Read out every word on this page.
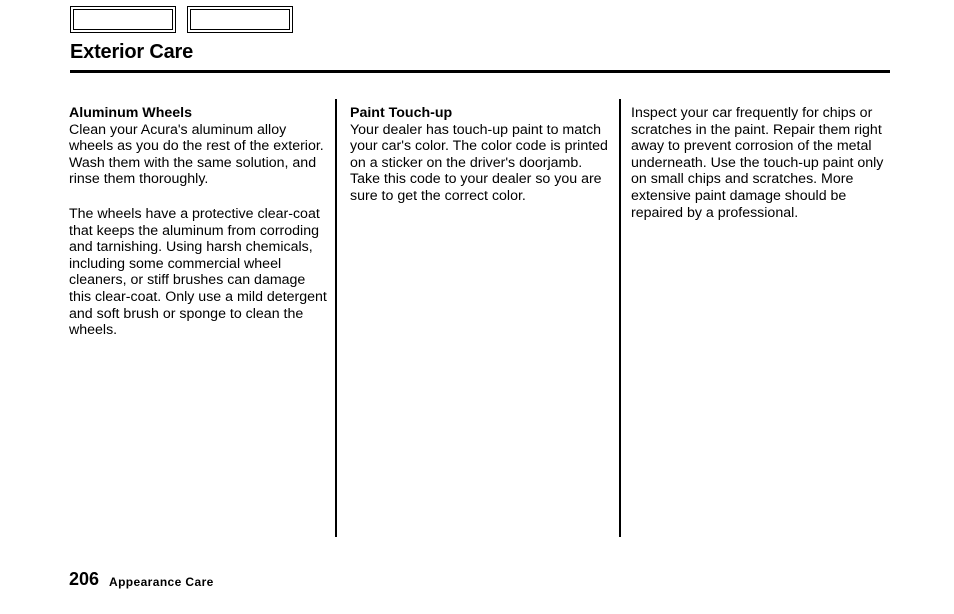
Exterior Care
Aluminum Wheels

Clean your Acura's aluminum alloy wheels as you do the rest of the exterior. Wash them with the same solution, and rinse them thoroughly.

The wheels have a protective clear-coat that keeps the aluminum from corroding and tarnishing. Using harsh chemicals, including some commercial wheel cleaners, or stiff brushes can damage this clear-coat. Only use a mild detergent and soft brush or sponge to clean the wheels.

Paint Touch-up

Your dealer has touch-up paint to match your car's color. The color code is printed on a sticker on the driver's doorjamb. Take this code to your dealer so you are sure to get the correct color.

Inspect your car frequently for chips or scratches in the paint. Repair them right away to prevent corrosion of the metal underneath. Use the touch-up paint only on small chips and scratches. More extensive paint damage should be repaired by a professional.

206 Appearance Care
